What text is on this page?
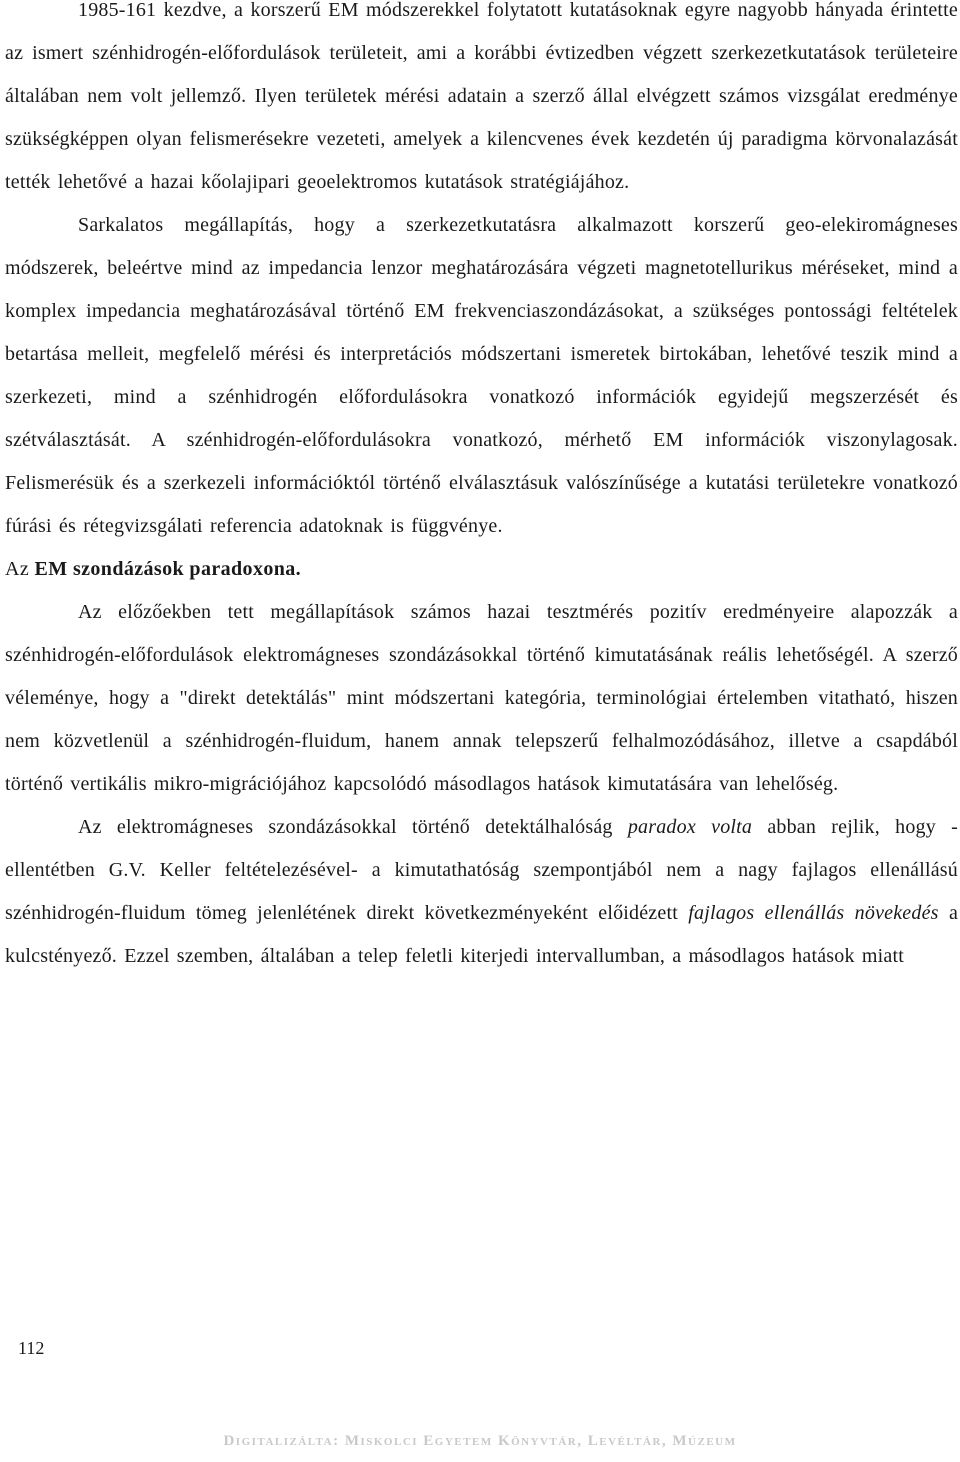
1985-161 kezdve, a korszerű EM módszerekkel folytatott kutatásoknak egyre nagyobb hányada érintette az ismert szénhidrogén-előfordulások területeit, ami a korábbi évtizedben végzett szerkezetkutatások területeire általában nem volt jellemző. Ilyen területek mérési adatain a szerző állal elvégzett számos vizsgálat eredménye szükségképpen olyan felismerésekre vezeteti, amelyek a kilencvenes évek kezdetén új paradigma körvonalazását tették lehetővé a hazai kőolajipari geoelektromos kutatások stratégiájához.

Sarkalatos megállapítás, hogy a szerkezetkutatásra alkalmazott korszerű geo-elekiromágneses módszerek, beleértve mind az impedancia lenzor meghatározására végzeti magnetotellurikus méréseket, mind a komplex impedancia meghatározásával történő EM frekvenciaszondázásokat, a szükséges pontossági feltételek betartása melleit, megfelelő mérési és interpretációs módszertani ismeretek birtokában, lehetővé teszik mind a szerkezeti, mind a szénhidrogén előfordulásokra vonatkozó információk egyidejű megszerzését és szétválasztását. A szénhidrogén-előfordulásokra vonatkozó, mérhető EM információk viszonylagosak. Felismerésük és a szerkezeli információktól történő elválasztásuk valószínűsége a kutatási területekre vonatkozó fúrási és rétegvizsgálati referencia adatoknak is függvénye.

Az EM szondázások paradoxona.

Az előzőekben tett megállapítások számos hazai tesztmérés pozitív eredményeire alapozzák a szénhidrogén-előfordulások elektromágneses szondázásokkal történő kimutatásának reális lehetőségél. A szerző véleménye, hogy a "direkt detektálás" mint módszertani kategória, terminológiai értelemben vitatható, hiszen nem közvetlenül a szénhidrogén-fluidum, hanem annak telepszerű felhalmozódásához, illetve a csapdából történő vertikális mikro-migrációjához kapcsolódó másodlagos hatások kimutatására van lehelőség.

Az elektromágneses szondázásokkal történő detektálhalóság paradox volta abban rejlik, hogy -ellentétben G.V. Keller feltételezésével- a kimutathatóság szempontjából nem a nagy fajlagos ellenállású szénhidrogén-fluidum tömeg jelenlétének direkt következményeként előidézett fajlagos ellenállás növekedés a kulcstényező. Ezzel szemben, általában a telep feletli kiterjedi intervallumban, a másodlagos hatások miatt

112
Digitalizálta: Miskolci Egyetem Könyvtár, Levéltár, Múzeum
